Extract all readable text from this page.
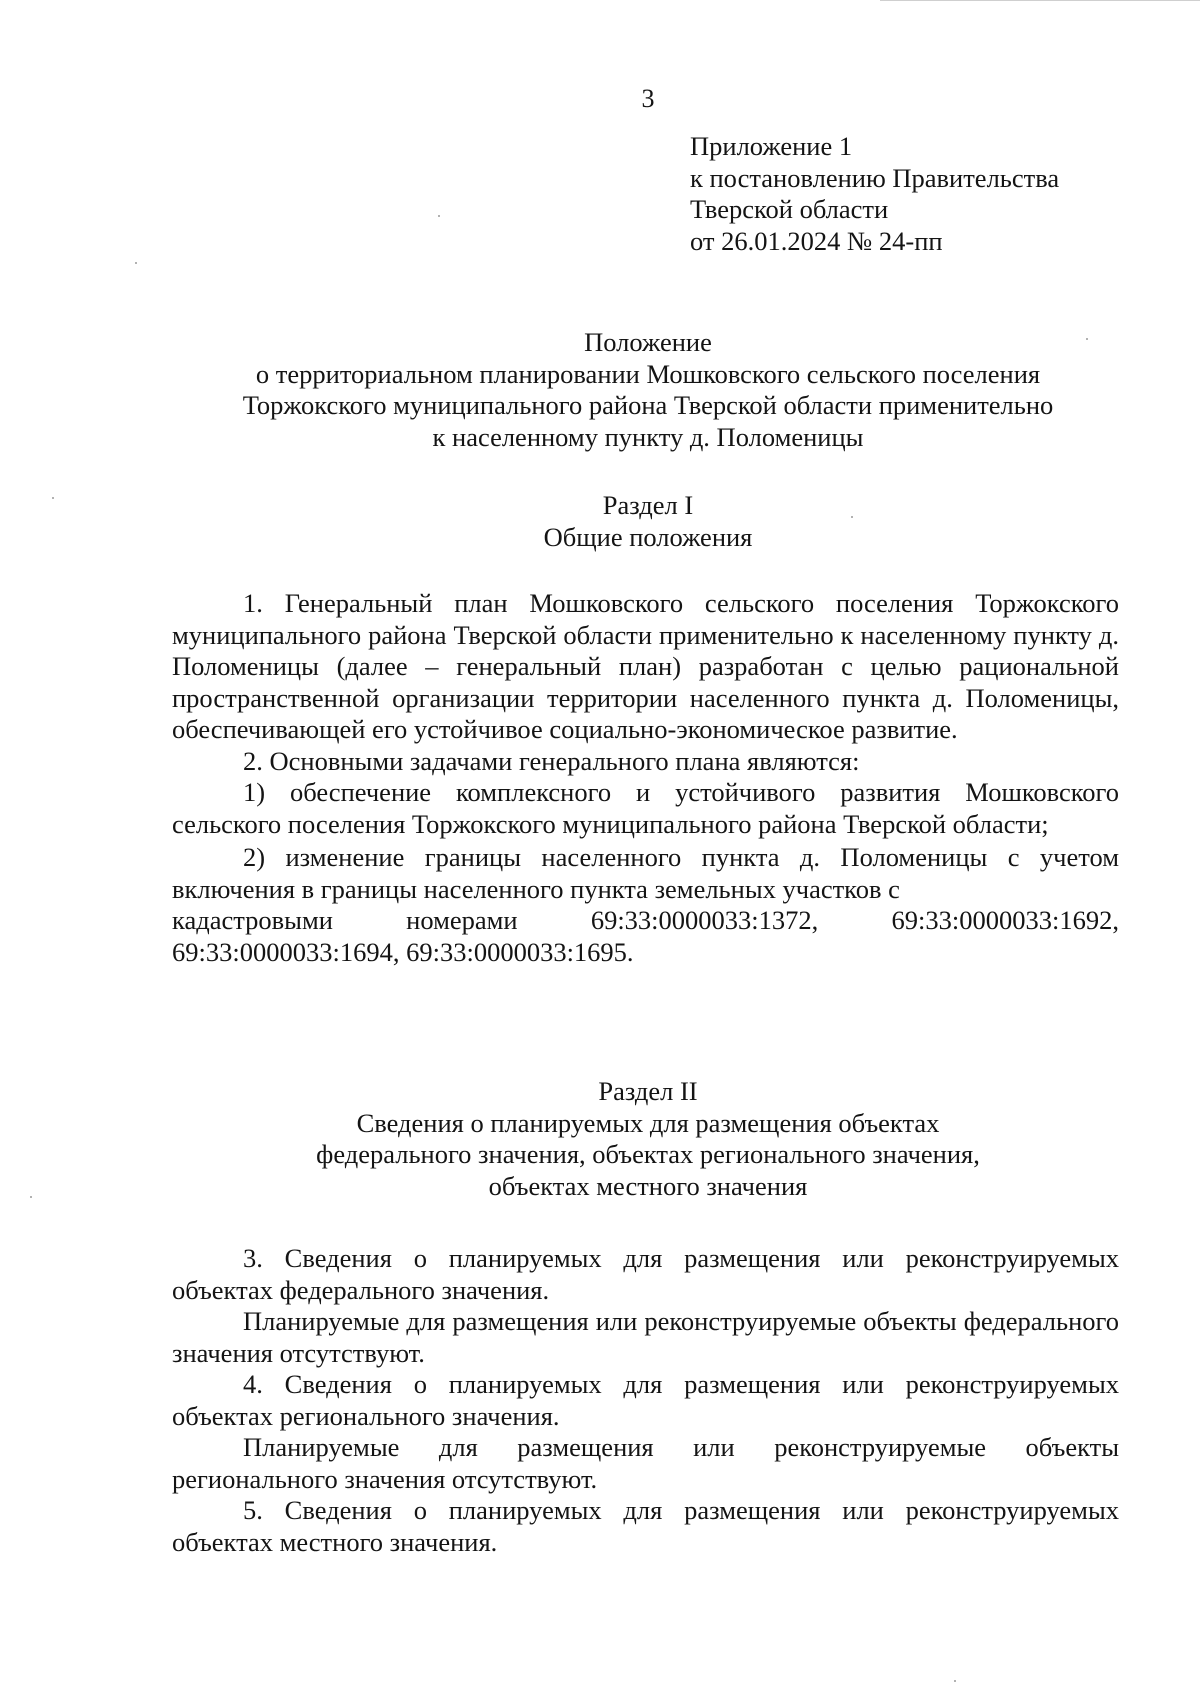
3
Приложение 1
к постановлению Правительства
Тверской области
от 26.01.2024 № 24-пп
Положение
о территориальном планировании Мошковского сельского поселения
Торжокского муниципального района Тверской области применительно
к населенному пункту д. Поломеницы
Раздел I
Общие положения

1. Генеральный план Мошковского сельского поселения Торжокского муниципального района Тверской области применительно к населенному пункту д. Поломеницы (далее – генеральный план) разработан с целью рациональной пространственной организации территории населенного пункта д. Поломеницы, обеспечивающей его устойчивое социально-экономическое развитие.

2. Основными задачами генерального плана являются:

1) обеспечение комплексного и устойчивого развития Мошковского сельского поселения Торжокского муниципального района Тверской области;

2) изменение границы населенного пункта д. Поломеницы с учетом включения в границы населенного пункта земельных участков с

кадастровыми	номерами	69:33:0000033:1372,	69:33:0000033:1692,
69:33:0000033:1694, 69:33:0000033:1695.
Раздел II
Сведения о планируемых для размещения объектах
федерального значения, объектах регионального значения,
объектах местного значения

3. Сведения о планируемых для размещения или реконструируемых объектах федерального значения.

Планируемые для размещения или реконструируемые объекты федерального значения отсутствуют.

4. Сведения о планируемых для размещения или реконструируемых объектах регионального значения.

Планируемые для размещения или реконструируемые объекты регионального значения отсутствуют.

5. Сведения о планируемых для размещения или реконструируемых объектах местного значения.
